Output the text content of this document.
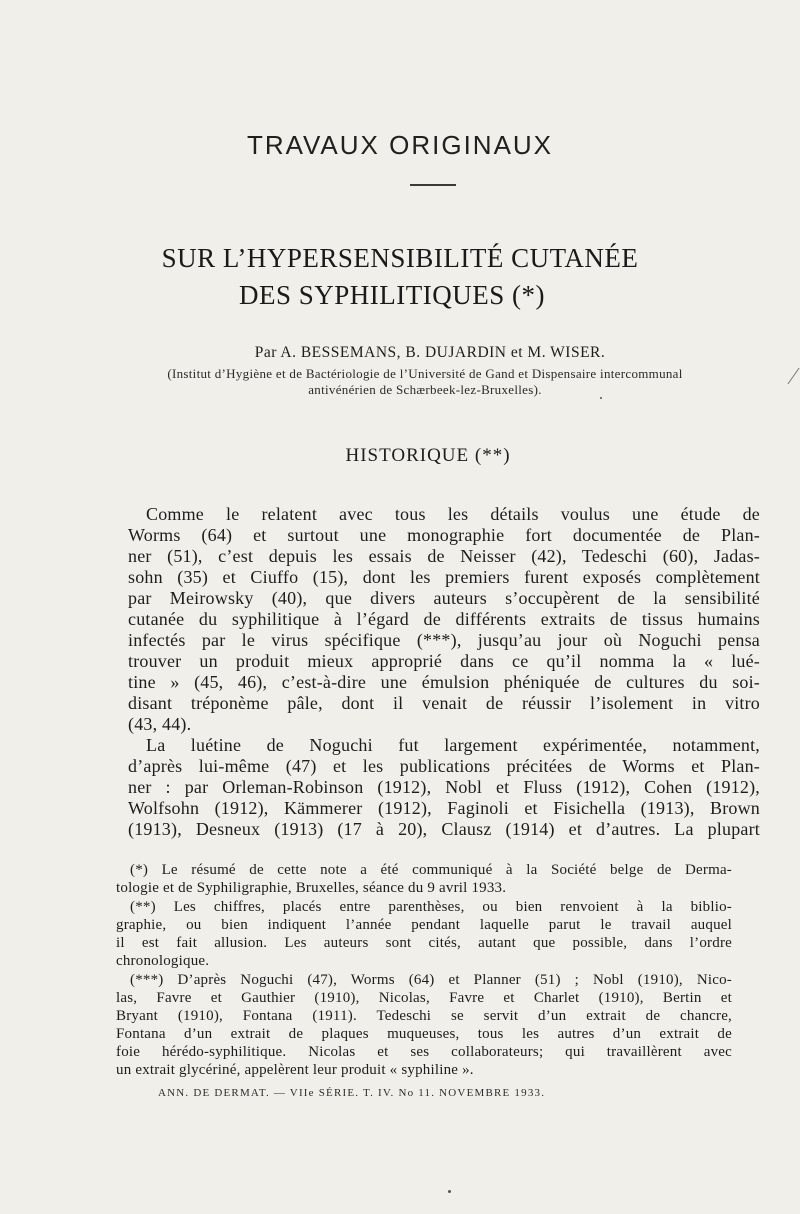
TRAVAUX ORIGINAUX
SUR L’HYPERSENSIBILITÉ CUTANÉE
DES SYPHILITIQUES (*)
Par A. BESSEMANS, B. DUJARDIN et M. WISER.
(Institut d’Hygiène et de Bactériologie de l’Université de Gand et Dispensaire intercommunal
antivénérien de Schærbeek-lez-Bruxelles).
HISTORIQUE (**)
Comme le relatent avec tous les détails voulus une étude de
Worms (64) et surtout une monographie fort documentée de Plan-
ner (51), c’est depuis les essais de Neisser (42), Tedeschi (60), Jadas-
sohn (35) et Ciuffo (15), dont les premiers furent exposés complètement
par Meirowsky (40), que divers auteurs s’occupèrent de la sensibilité
cutanée du syphilitique à l’égard de différents extraits de tissus humains
infectés par le virus spécifique (***), jusqu’au jour où Noguchi pensa
trouver un produit mieux approprié dans ce qu’il nomma la « lué-
tine » (45, 46), c’est-à-dire une émulsion phéniquée de cultures du soi-
disant tréponème pâle, dont il venait de réussir l’isolement in vitro
(43, 44).
La luétine de Noguchi fut largement expérimentée, notamment,
d’après lui-même (47) et les publications précitées de Worms et Plan-
ner : par Orleman-Robinson (1912), Nobl et Fluss (1912), Cohen (1912),
Wolfsohn (1912), Kämmerer (1912), Faginoli et Fisichella (1913), Brown
(1913), Desneux (1913) (17 à 20), Clausz (1914) et d’autres. La plupart
(*) Le résumé de cette note a été communiqué à la Société belge de Derma-
tologie et de Syphiligraphie, Bruxelles, séance du 9 avril 1933.
(**) Les chiffres, placés entre parenthèses, ou bien renvoient à la biblio-
graphie, ou bien indiquent l’année pendant laquelle parut le travail auquel
il est fait allusion. Les auteurs sont cités, autant que possible, dans l’ordre
chronologique.
(***) D’après Noguchi (47), Worms (64) et Planner (51) ; Nobl (1910), Nico-
las, Favre et Gauthier (1910), Nicolas, Favre et Charlet (1910), Bertin et
Bryant (1910), Fontana (1911). Tedeschi se servit d’un extrait de chancre,
Fontana d’un extrait de plaques muqueuses, tous les autres d’un extrait de
foie hérédo-syphilitique. Nicolas et ses collaborateurs; qui travaillèrent avec
un extrait glycériné, appelèrent leur produit « syphiline ».
ANN. DE DERMAT. — VIIe SÉRIE. T. IV. No 11. NOVEMBRE 1933.
